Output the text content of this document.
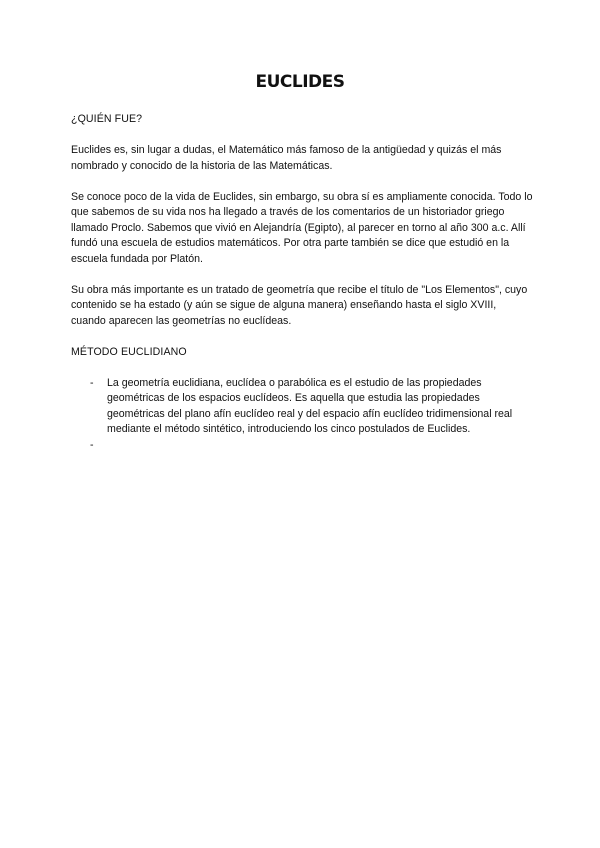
EUCLIDES
¿QUIÉN FUE?

Euclides es, sin lugar a dudas, el Matemático más famoso de la antigüedad y quizás el más nombrado y conocido de la historia de las Matemáticas.

Se conoce poco de la vida de Euclides, sin embargo, su obra sí es ampliamente conocida. Todo lo que sabemos de su vida nos ha llegado a través de los comentarios de un historiador griego llamado Proclo. Sabemos que vivió en Alejandría (Egipto), al parecer en torno al año 300 a.c. Allí fundó una escuela de estudios matemáticos. Por otra parte también se dice que estudió en la escuela fundada por Platón.

Su obra más importante es un tratado de geometría que recibe el título de "Los Elementos", cuyo contenido se ha estado (y aún se sigue de alguna manera) enseñando hasta el siglo XVIII, cuando aparecen las geometrías no euclídeas.

MÉTODO EUCLIDIANO
- La geometría euclidiana, euclídea o parabólica es el estudio de las propiedades geométricas de los espacios euclídeos. Es aquella que estudia las propiedades geométricas del plano afín euclídeo real y del espacio afín euclídeo tridimensional real mediante el método sintético, introduciendo los cinco postulados de Euclides.
-
